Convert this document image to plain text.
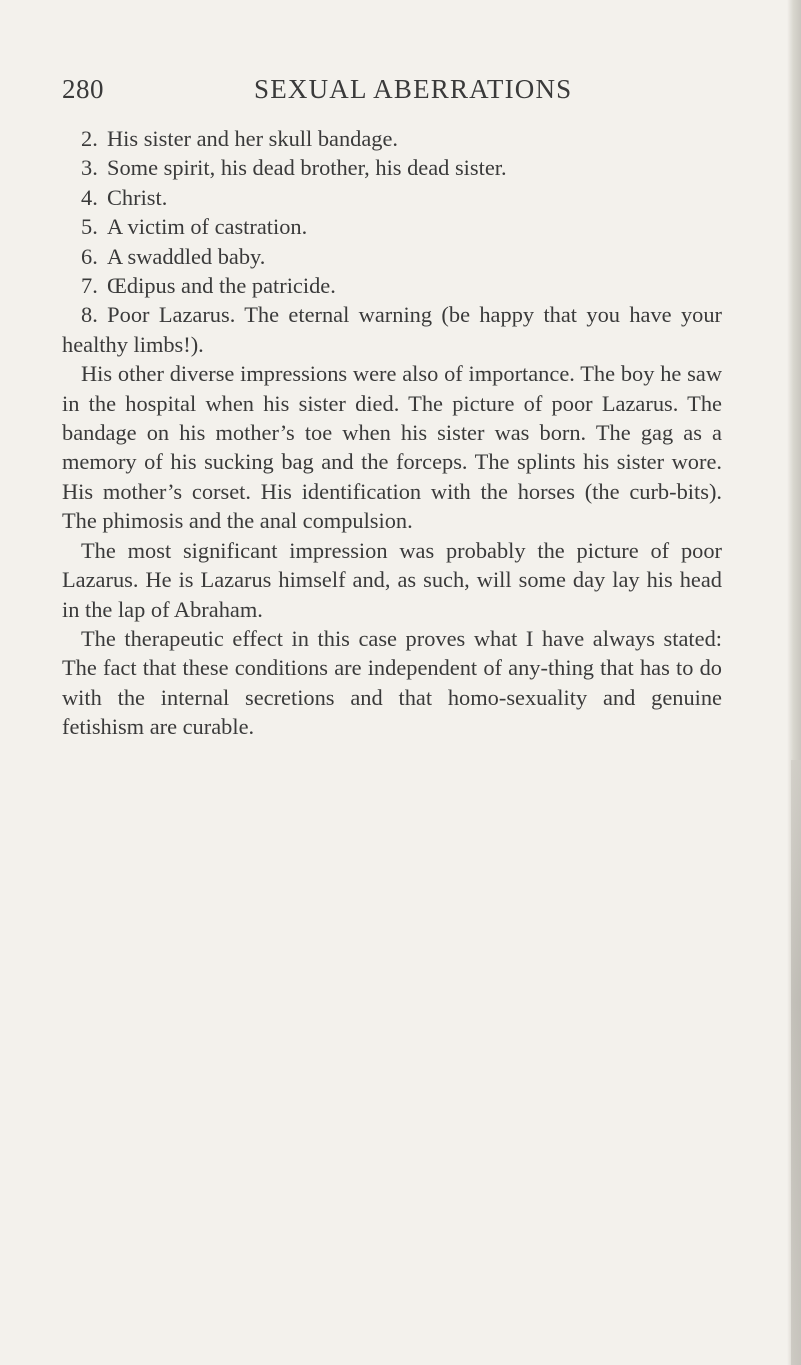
280	SEXUAL ABERRATIONS
2. His sister and her skull bandage.
3. Some spirit, his dead brother, his dead sister.
4. Christ.
5. A victim of castration.
6. A swaddled baby.
7. Œdipus and the patricide.
8. Poor Lazarus. The eternal warning (be happy that you have your healthy limbs!).
His other diverse impressions were also of importance. The boy he saw in the hospital when his sister died. The picture of poor Lazarus. The bandage on his mother’s toe when his sister was born. The gag as a memory of his sucking bag and the forceps. The splints his sister wore. His mother’s corset. His identification with the horses (the curb-bits). The phimosis and the anal compulsion.
The most significant impression was probably the picture of poor Lazarus. He is Lazarus himself and, as such, will some day lay his head in the lap of Abraham.
The therapeutic effect in this case proves what I have always stated: The fact that these conditions are independent of any-thing that has to do with the internal secretions and that homo-sexuality and genuine fetishism are curable.
